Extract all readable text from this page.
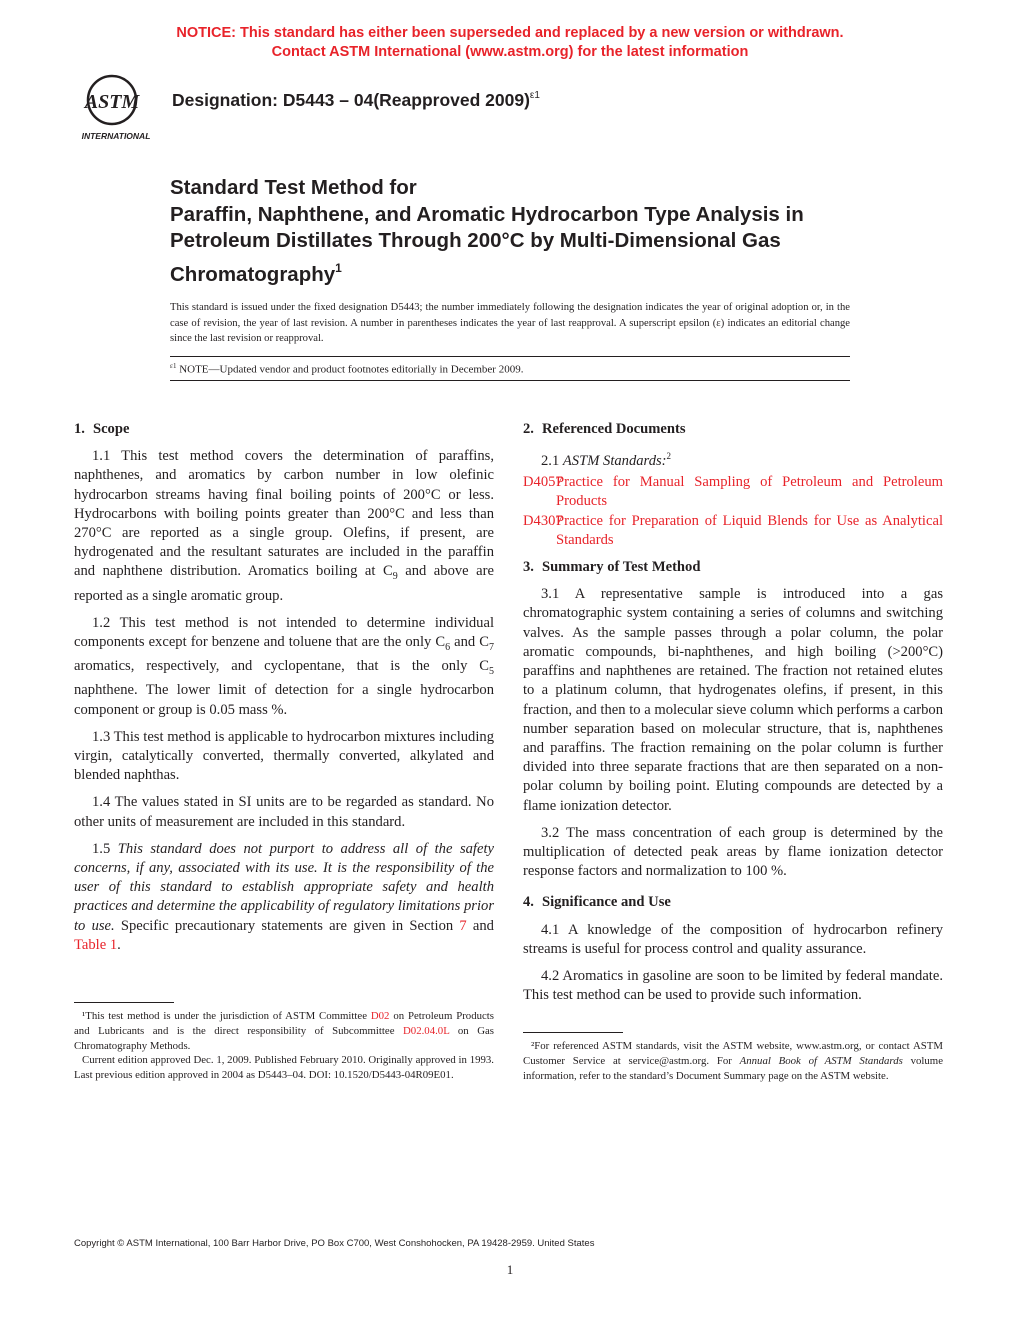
NOTICE: This standard has either been superseded and replaced by a new version or withdrawn.
Contact ASTM International (www.astm.org) for the latest information
ASTM
INTERNATIONAL
Designation: D5443 – 04(Reapproved 2009)$^{\varepsilon 1}$
Standard Test Method for
Paraffin, Naphthene, and Aromatic Hydrocarbon Type Analysis in Petroleum Distillates Through 200°C by Multi-Dimensional Gas Chromatography$^1$
This standard is issued under the fixed designation D5443; the number immediately following the designation indicates the year of original adoption or, in the case of revision, the year of last revision. A number in parentheses indicates the year of last reapproval. A superscript epsilon (ε) indicates an editorial change since the last revision or reapproval.
$^{\varepsilon 1}$ NOTE—Updated vendor and product footnotes editorially in December 2009.
1. Scope

1.1 This test method covers the determination of paraffins, naphthenes, and aromatics by carbon number in low olefinic hydrocarbon streams having final boiling points of 200°C or less. Hydrocarbons with boiling points greater than 200°C and less than 270°C are reported as a single group. Olefins, if present, are hydrogenated and the resultant saturates are included in the paraffin and naphthene distribution. Aromatics boiling at $C_9$ and above are reported as a single aromatic group.

1.2 This test method is not intended to determine individual components except for benzene and toluene that are the only $C_6$ and $C_7$ aromatics, respectively, and cyclopentane, that is the only $C_5$ naphthene. The lower limit of detection for a single hydrocarbon component or group is 0.05 mass %.

1.3 This test method is applicable to hydrocarbon mixtures including virgin, catalytically converted, thermally converted, alkylated and blended naphthas.

1.4 The values stated in SI units are to be regarded as standard. No other units of measurement are included in this standard.

1.5 This standard does not purport to address all of the safety concerns, if any, associated with its use. It is the responsibility of the user of this standard to establish appropriate safety and health practices and determine the applicability of regulatory limitations prior to use. Specific precautionary statements are given in Section 7 and Table 1.

¹This test method is under the jurisdiction of ASTM Committee D02 on Petroleum Products and Lubricants and is the direct responsibility of Subcommittee D02.04.0L on Gas Chromatography Methods.

Current edition approved Dec. 1, 2009. Published February 2010. Originally approved in 1993. Last previous edition approved in 2004 as D5443–04. DOI: 10.1520/D5443-04R09E01.

2. Referenced Documents

2.1 ASTM Standards:$^2$

D4057
Practice for Manual Sampling of Petroleum and Petroleum Products
D4307
Practice for Preparation of Liquid Blends for Use as Analytical Standards
3. Summary of Test Method

3.1 A representative sample is introduced into a gas chromatographic system containing a series of columns and switching valves. As the sample passes through a polar column, the polar aromatic compounds, bi-naphthenes, and high boiling (>200°C) paraffins and naphthenes are retained. The fraction not retained elutes to a platinum column, that hydrogenates olefins, if present, in this fraction, and then to a molecular sieve column which performs a carbon number separation based on molecular structure, that is, naphthenes and paraffins. The fraction remaining on the polar column is further divided into three separate fractions that are then separated on a non-polar column by boiling point. Eluting compounds are detected by a flame ionization detector.

3.2 The mass concentration of each group is determined by the multiplication of detected peak areas by flame ionization detector response factors and normalization to 100 %.

4. Significance and Use

4.1 A knowledge of the composition of hydrocarbon refinery streams is useful for process control and quality assurance.

4.2 Aromatics in gasoline are soon to be limited by federal mandate. This test method can be used to provide such information.

²For referenced ASTM standards, visit the ASTM website, www.astm.org, or contact ASTM Customer Service at service@astm.org. For Annual Book of ASTM Standards volume information, refer to the standard’s Document Summary page on the ASTM website.

Copyright © ASTM International, 100 Barr Harbor Drive, PO Box C700, West Conshohocken, PA 19428-2959. United States
1
